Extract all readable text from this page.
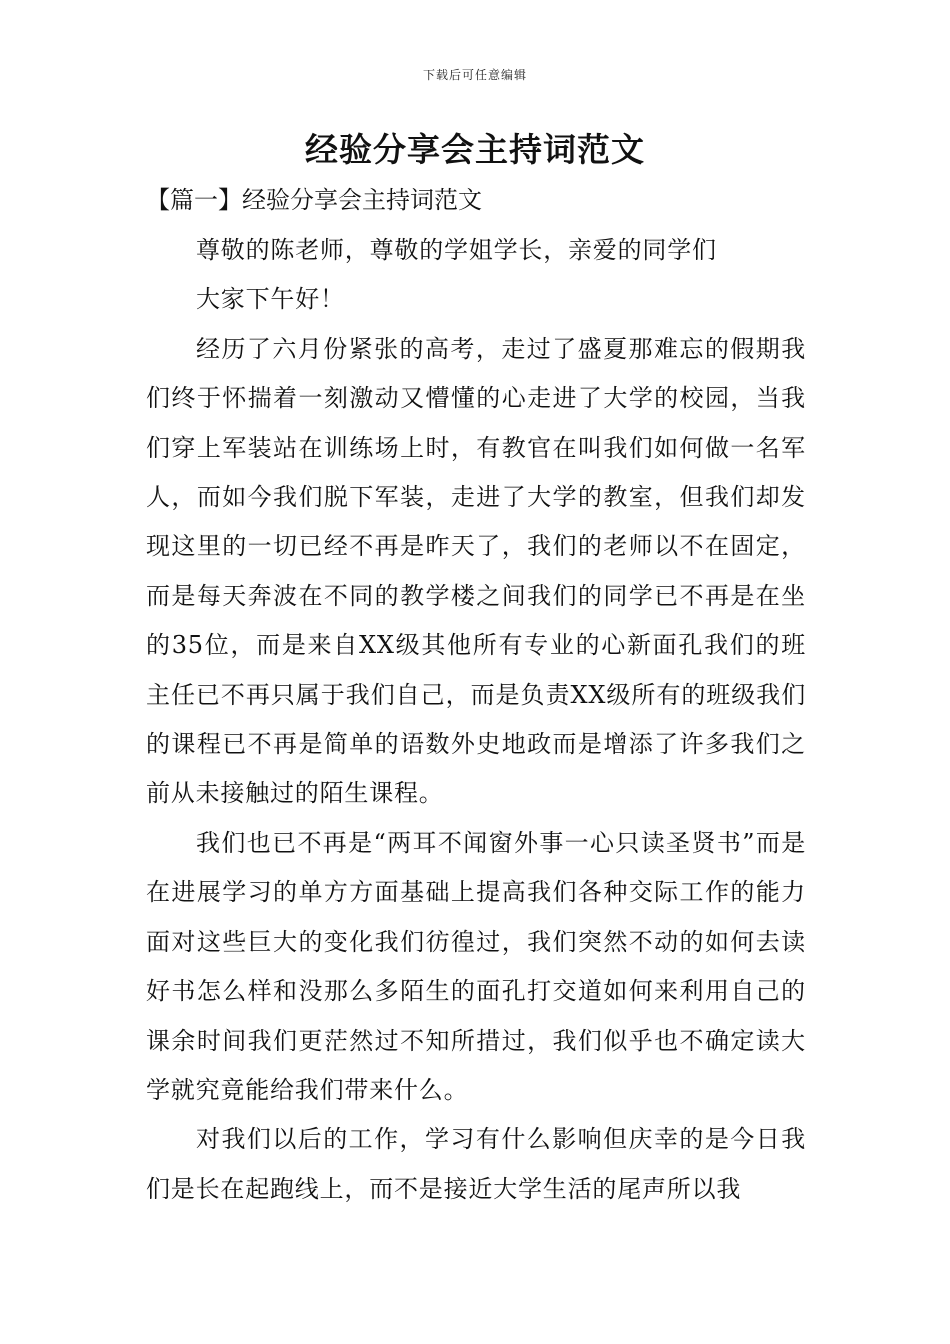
下载后可任意编辑
经验分享会主持词范文
【篇一】经验分享会主持词范文

尊敬的陈老师，尊敬的学姐学长，亲爱的同学们

大家下午好！

经历了六月份紧张的高考，走过了盛夏那难忘的假期我们终于怀揣着一刻激动又懵懂的心走进了大学的校园，当我们穿上军装站在训练场上时，有教官在叫我们如何做一名军人，而如今我们脱下军装，走进了大学的教室，但我们却发现这里的一切已经不再是昨天了，我们的老师以不在固定，而是每天奔波在不同的教学楼之间我们的同学已不再是在坐的35位，而是来自XX级其他所有专业的心新面孔我们的班主任已不再只属于我们自己，而是负责XX级所有的班级我们的课程已不再是简单的语数外史地政而是增添了许多我们之前从未接触过的陌生课程。

我们也已不再是“两耳不闻窗外事一心只读圣贤书”而是在进展学习的单方方面基础上提高我们各种交际工作的能力面对这些巨大的变化我们彷徨过，我们突然不动的如何去读好书怎么样和没那么多陌生的面孔打交道如何来利用自己的课余时间我们更茫然过不知所措过，我们似乎也不确定读大学就究竟能给我们带来什么。

对我们以后的工作，学习有什么影响但庆幸的是今日我们是长在起跑线上，而不是接近大学生活的尾声所以我
